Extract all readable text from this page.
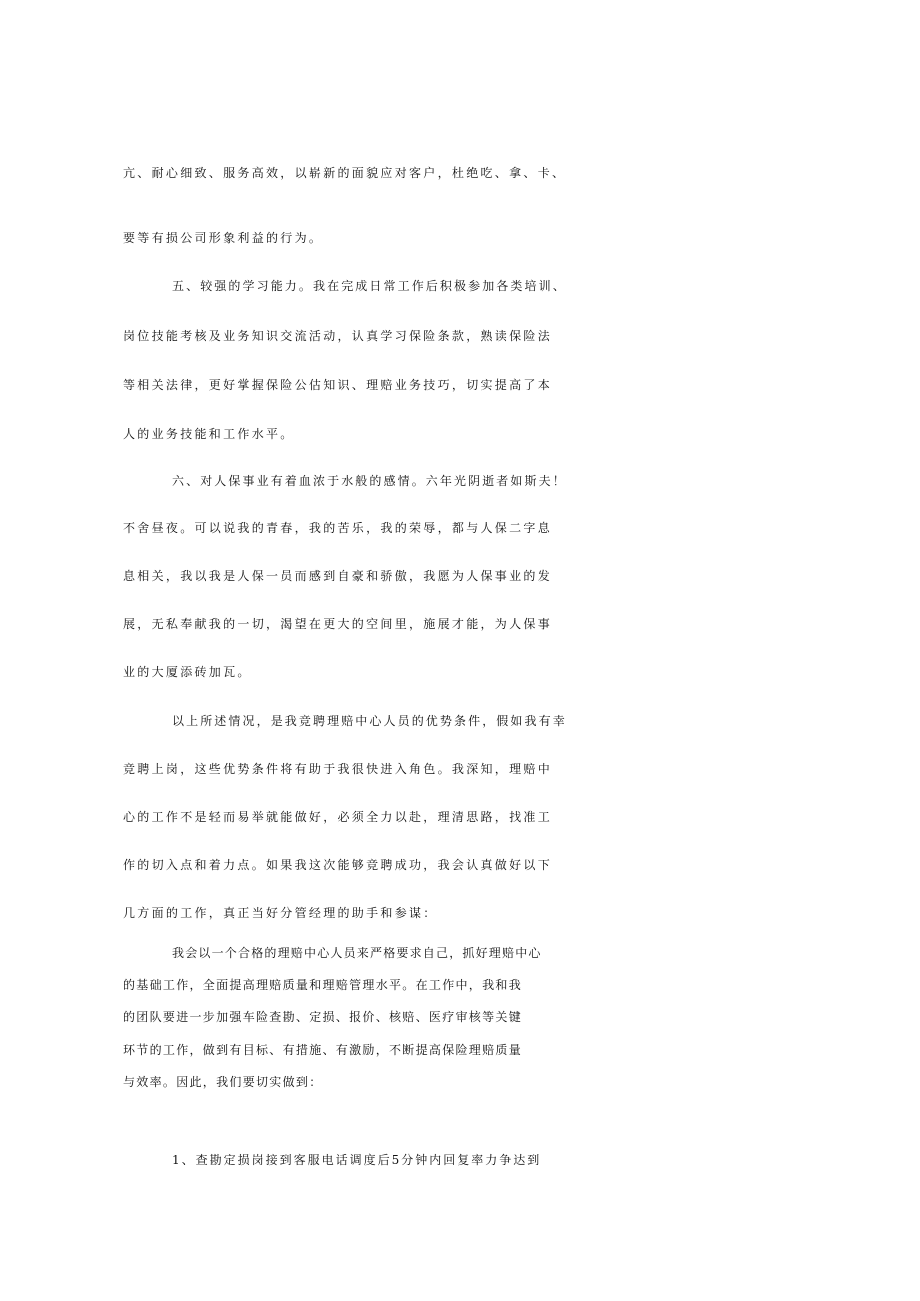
亢、耐心细致、服务高效，以崭新的面貌应对客户，杜绝吃、拿、卡、
要等有损公司形象利益的行为。
五、较强的学习能力。我在完成日常工作后积极参加各类培训、
岗位技能考核及业务知识交流活动，认真学习保险条款，熟读保险法
等相关法律，更好掌握保险公估知识、理赔业务技巧，切实提高了本
人的业务技能和工作水平。
六、对人保事业有着血浓于水般的感情。六年光阴逝者如斯夫！
不舍昼夜。可以说我的青春，我的苦乐，我的荣辱，都与人保二字息
息相关，我以我是人保一员而感到自豪和骄傲，我愿为人保事业的发
展，无私奉献我的一切，渴望在更大的空间里，施展才能，为人保事
业的大厦添砖加瓦。
以上所述情况，是我竞聘理赔中心人员的优势条件，假如我有幸
竞聘上岗，这些优势条件将有助于我很快进入角色。我深知，理赔中
心的工作不是轻而易举就能做好，必须全力以赴，理清思路，找准工
作的切入点和着力点。如果我这次能够竞聘成功，我会认真做好以下
几方面的工作，真正当好分管经理的助手和参谋：
我会以一个合格的理赔中心人员来严格要求自己，抓好理赔中心
的基础工作，全面提高理赔质量和理赔管理水平。在工作中，我和我
的团队要进一步加强车险查勘、定损、报价、核赔、医疗审核等关键
环节的工作，做到有目标、有措施、有激励，不断提高保险理赔质量
与效率。因此，我们要切实做到：
1、查勘定损岗接到客服电话调度后5分钟内回复率力争达到
